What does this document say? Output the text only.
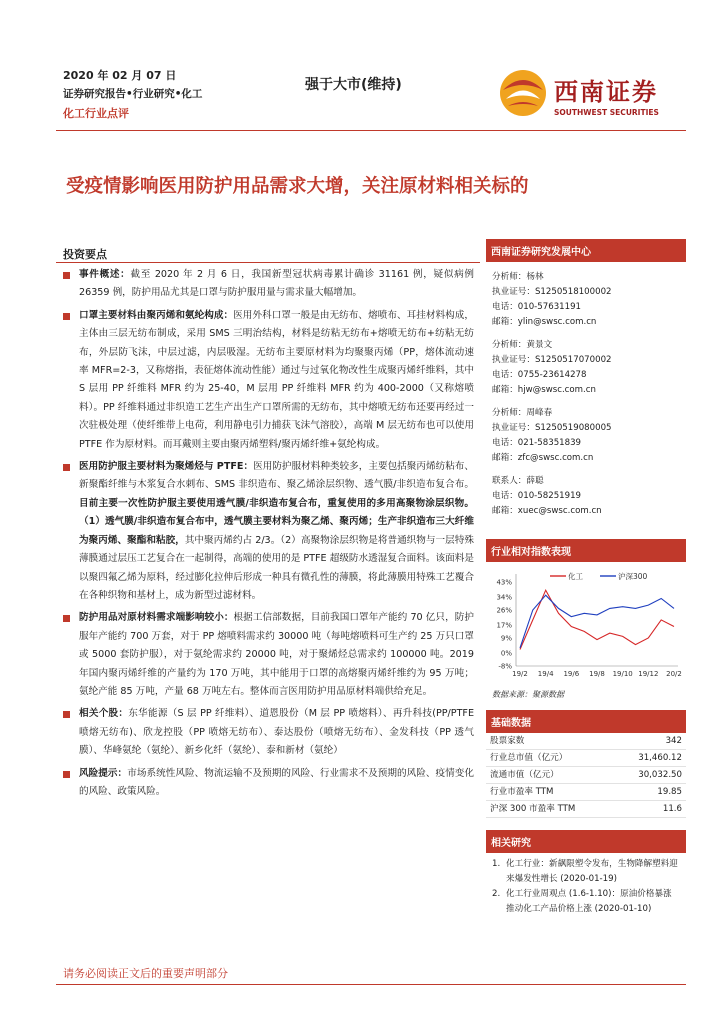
2020 年 02 月 07 日
证券研究报告•行业研究•化工
化工行业点评
强于大市(维持)	西南证券
SOUTHWEST SECURITIES
受疫情影响医用防护用品需求大增，关注原材料相关标的
投资要点
事件概述：截至 2020 年 2 月 6 日，我国新型冠状病毒累计确诊 31161 例，疑似病例 26359 例，防护用品尤其是口罩与防护服用量与需求量大幅增加。
口罩主要材料由聚丙烯和氨纶构成：医用外科口罩一般是由无纺布、熔喷布、耳挂材料构成，主体由三层无纺布制成，采用 SMS 三明治结构，材料是纺粘无纺布+熔喷无纺布+纺粘无纺布，外层防飞沫，中层过滤，内层吸湿。无纺布主要原材料为均聚聚丙烯（PP，熔体流动速率 MFR=2-3，又称熔指，表征熔体流动性能）通过与过氧化物改性生成聚丙烯纤维料，其中 S 层用 PP 纤维料 MFR 约为 25-40，M 层用 PP 纤维料 MFR 约为 400-2000（又称熔喷料）。PP 纤维料通过非织造工艺生产出生产口罩所需的无纺布，其中熔喷无纺布还要再经过一次驻极处理（使纤维带上电荷，利用静电引力捕获飞沫气溶胶），高端 M 层无纺布也可以使用 PTFE 作为原材料。而耳戴则主要由聚丙烯塑料/聚丙烯纤维+氨纶构成。
医用防护服主要材料为聚烯烃与 PTFE：医用防护服材料种类较多，主要包括聚丙烯纺粘布、新聚酯纤维与木浆复合水刺布、SMS 非织造布、聚乙烯涂层织物、透气膜/非织造布复合布。目前主要一次性防护服主要使用透气膜/非织造布复合布，重复使用的多用高聚物涂层织物。（1）透气膜/非织造布复合布中，透气膜主要材料为聚乙烯、聚丙烯；生产非织造布三大纤维为聚丙烯、聚酯和粘胶，其中聚丙烯约占 2/3。（2）高聚物涂层织物是将普通织物与一层特殊薄膜通过层压工艺复合在一起制得，高端的使用的是 PTFE 超级防水透湿复合面料。该面料是以聚四氟乙烯为原料，经过膨化拉伸后形成一种具有微孔性的薄膜，将此薄膜用特殊工艺覆合在各种织物和基材上，成为新型过滤材料。
防护用品对原材料需求端影响较小：根据工信部数据，目前我国口罩年产能约 70 亿只，防护服年产能约 700 万套，对于 PP 熔喷料需求约 30000 吨（每吨熔喷料可生产约 25 万只口罩或 5000 套防护服），对于氨纶需求约 20000 吨，对于聚烯烃总需求约 100000 吨。2019 年国内聚丙烯纤维的产量约为 170 万吨，其中能用于口罩的高熔聚丙烯纤维约为 95 万吨；氨纶产能 85 万吨，产量 68 万吨左右。整体而言医用防护用品原材料端供给充足。
相关个股：东华能源（S 层 PP 纤维料）、道恩股份（M 层 PP 喷熔料）、再升科技(PP/PTFE 喷熔无纺布)、欣龙控股（PP 喷熔无纺布）、泰达股份（喷熔无纺布）、金发科技（PP 透气膜）、华峰氨纶（氨纶）、新乡化纤（氨纶）、泰和新材（氨纶）
风险提示：市场系统性风险、物流运输不及预期的风险、行业需求不及预期的风险、疫情变化的风险、政策风险。
西南证券研究发展中心
分析师：杨林
执业证号：S1250518100002
电话：010-57631191
邮箱：ylin@swsc.com.cn
分析师：黄景文
执业证号：S1250517070002
电话：0755-23614278
邮箱：hjw@swsc.com.cn
分析师：周峰春
执业证号：S1250519080005
电话：021-58351839
邮箱：zfc@swsc.com.cn
联系人：薛聪
电话：010-58251919
邮箱：xuec@swsc.com.cn
行业相对指数表现
43%
34%
26%
17%
9%
0%
-8%
19/2 19/4 19/6 19/8 19/10 19/12 20/2
化工	沪深300
数据来源：聚源数据
基础数据
股票家数	342
行业总市值（亿元）	31,460.12
流通市值（亿元）	30,032.50
行业市盈率 TTM	19.85
沪深 300 市盈率 TTM	11.6
相关研究
1. 化工行业：新飙限塑令发布，生物降解塑料迎来爆发性增长 (2020-01-19)
2. 化工行业周观点 (1.6-1.10)：原油价格暴涨推动化工产品价格上涨 (2020-01-10)
请务必阅读正文后的重要声明部分
